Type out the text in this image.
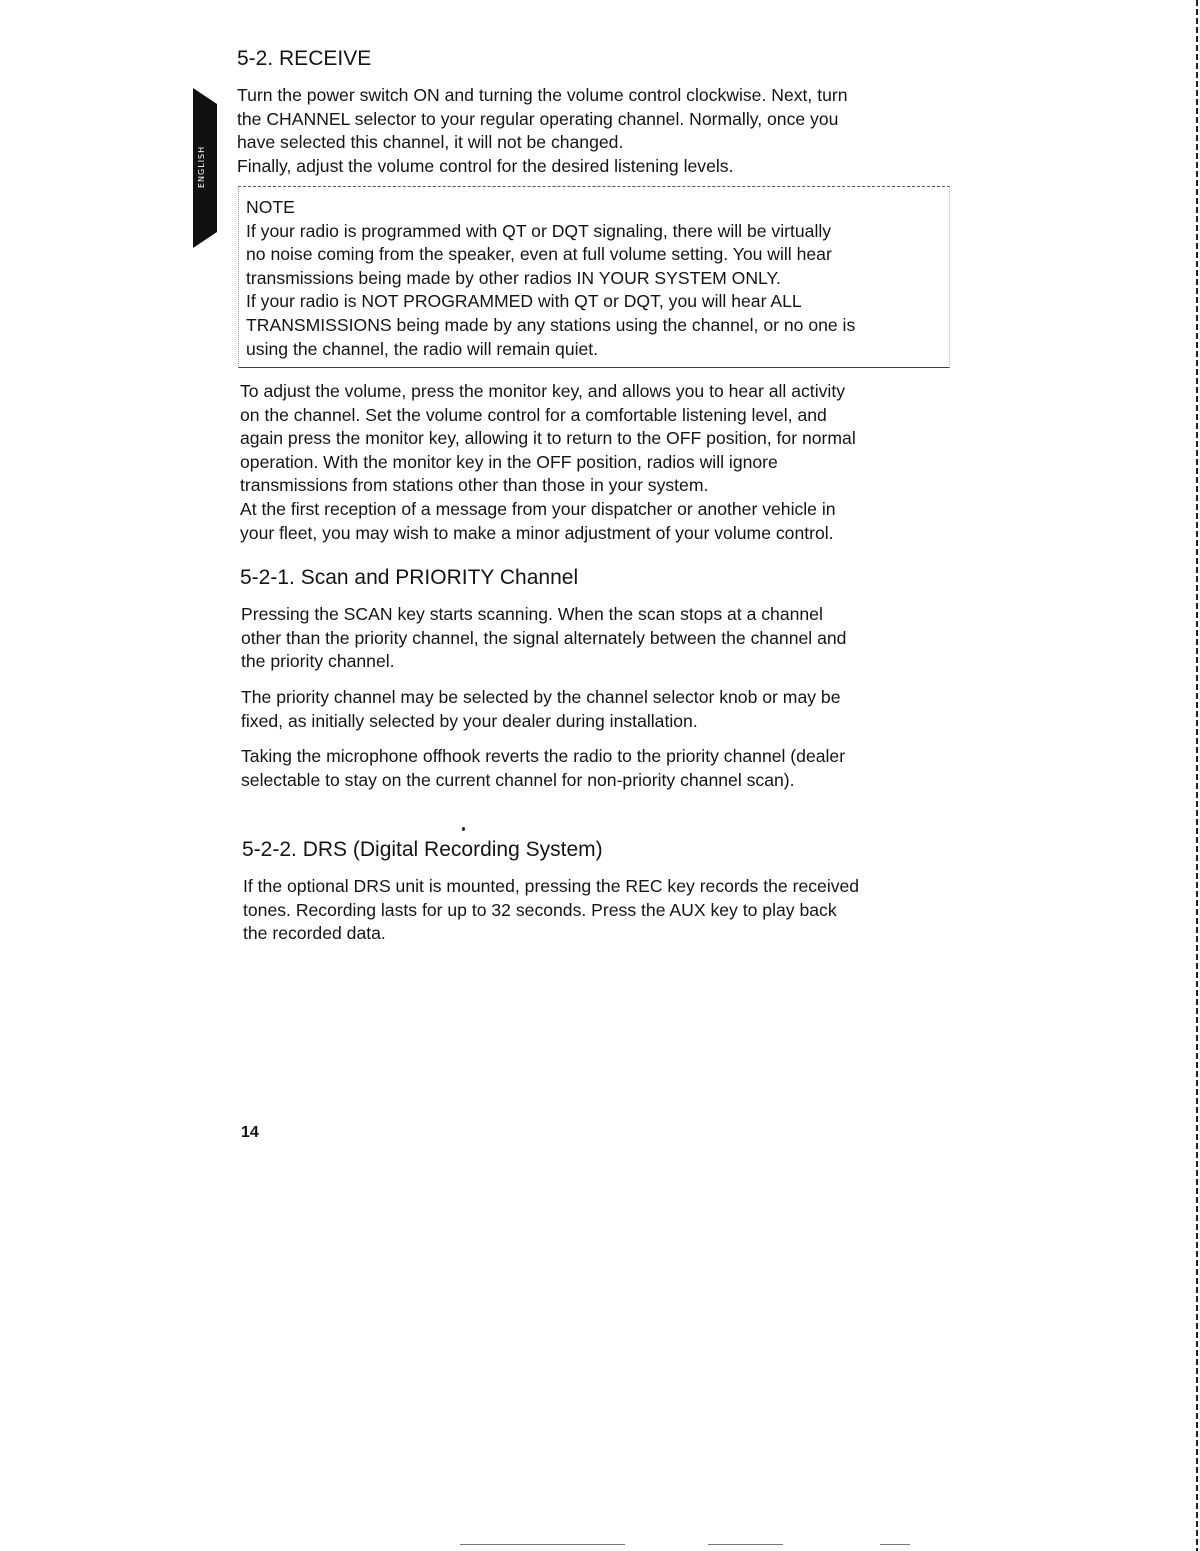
ENGLISH
5-2. RECEIVE
Turn the power switch ON and turning the volume control clockwise. Next, turn
the CHANNEL selector to your regular operating channel. Normally, once you
have selected this channel, it will not be changed.
Finally, adjust the volume control for the desired listening levels.
NOTE
If your radio is programmed with QT or DQT signaling, there will be virtually
no noise coming from the speaker, even at full volume setting. You will hear
transmissions being made by other radios IN YOUR SYSTEM ONLY.
If your radio is NOT PROGRAMMED with QT or DQT, you will hear ALL
TRANSMISSIONS being made by any stations using the channel, or no one is
using the channel, the radio will remain quiet.
To adjust the volume, press the monitor key, and allows you to hear all activity
on the channel. Set the volume control for a comfortable listening level, and
again press the monitor key, allowing it to return to the OFF position, for normal
operation. With the monitor key in the OFF position, radios will ignore
transmissions from stations other than those in your system.
At the first reception of a message from your dispatcher or another vehicle in
your fleet, you may wish to make a minor adjustment of your volume control.
5-2-1. Scan and PRIORITY Channel
Pressing the SCAN key starts scanning. When the scan stops at a channel
other than the priority channel, the signal alternately between the channel and
the priority channel.
The priority channel may be selected by the channel selector knob or may be
fixed, as initially selected by your dealer during installation.
Taking the microphone offhook reverts the radio to the priority channel (dealer
selectable to stay on the current channel for non-priority channel scan).
5-2-2. DRS (Digital Recording System)
If the optional DRS unit is mounted, pressing the REC key records the received
tones. Recording lasts for up to 32 seconds. Press the AUX key to play back
the recorded data.
14
